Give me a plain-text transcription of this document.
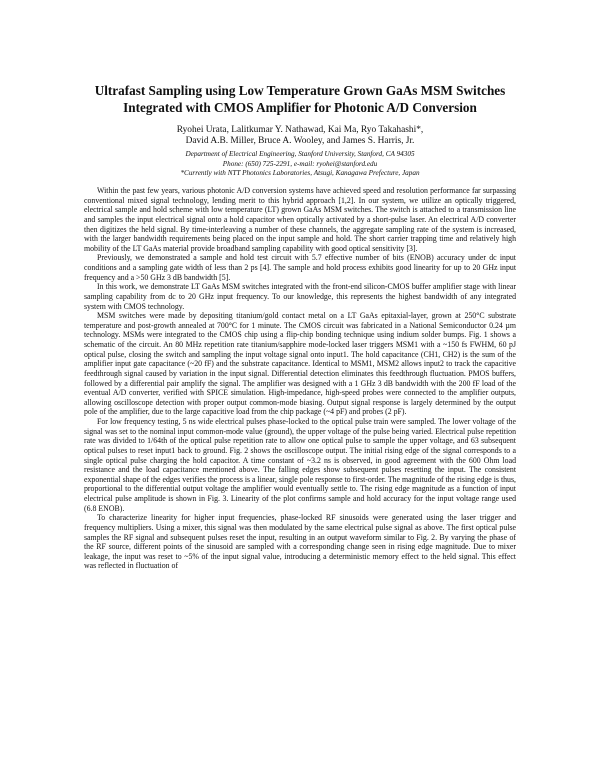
Ultrafast Sampling using Low Temperature Grown GaAs MSM Switches
Integrated with CMOS Amplifier for Photonic A/D Conversion
Ryohei Urata, Lalitkumar Y. Nathawad, Kai Ma, Ryo Takahashi*,
David A.B. Miller, Bruce A. Wooley, and James S. Harris, Jr.
Department of Electrical Engineering, Stanford University, Stanford, CA 94305
Phone: (650) 725-2291, e-mail: ryohei@stanford.edu
*Currently with NTT Photonics Laboratories, Atsugi, Kanagawa Prefecture, Japan

Within the past few years, various photonic A/D conversion systems have achieved speed and resolution performance far surpassing conventional mixed signal technology, lending merit to this hybrid approach [1,2]. In our system, we utilize an optically triggered, electrical sample and hold scheme with low temperature (LT) grown GaAs MSM switches. The switch is attached to a transmission line and samples the input electrical signal onto a hold capacitor when optically activated by a short-pulse laser. An electrical A/D converter then digitizes the held signal. By time-interleaving a number of these channels, the aggregate sampling rate of the system is increased, with the larger bandwidth requirements being placed on the input sample and hold. The short carrier trapping time and relatively high mobility of the LT GaAs material provide broadband sampling capability with good optical sensitivity [3].

Previously, we demonstrated a sample and hold test circuit with 5.7 effective number of bits (ENOB) accuracy under dc input conditions and a sampling gate width of less than 2 ps [4]. The sample and hold process exhibits good linearity for up to 20 GHz input frequency and a >50 GHz 3 dB bandwidth [5].

In this work, we demonstrate LT GaAs MSM switches integrated with the front-end silicon-CMOS buffer amplifier stage with linear sampling capability from dc to 20 GHz input frequency. To our knowledge, this represents the highest bandwidth of any integrated system with CMOS technology.

MSM switches were made by depositing titanium/gold contact metal on a LT GaAs epitaxial-layer, grown at 250°C substrate temperature and post-growth annealed at 700°C for 1 minute. The CMOS circuit was fabricated in a National Semiconductor 0.24 µm technology. MSMs were integrated to the CMOS chip using a flip-chip bonding technique using indium solder bumps. Fig. 1 shows a schematic of the circuit. An 80 MHz repetition rate titanium/sapphire mode-locked laser triggers MSM1 with a ~150 fs FWHM, 60 pJ optical pulse, closing the switch and sampling the input voltage signal onto input1. The hold capacitance (CH1, CH2) is the sum of the amplifier input gate capacitance (~20 fF) and the substrate capacitance. Identical to MSM1, MSM2 allows input2 to track the capacitive feedthrough signal caused by variation in the input signal. Differential detection eliminates this feedthrough fluctuation. PMOS buffers, followed by a differential pair amplify the signal. The amplifier was designed with a 1 GHz 3 dB bandwidth with the 200 fF load of the eventual A/D converter, verified with SPICE simulation. High-impedance, high-speed probes were connected to the amplifier outputs, allowing oscilloscope detection with proper output common-mode biasing. Output signal response is largely determined by the output pole of the amplifier, due to the large capacitive load from the chip package (~4 pF) and probes (2 pF).

For low frequency testing, 5 ns wide electrical pulses phase-locked to the optical pulse train were sampled. The lower voltage of the signal was set to the nominal input common-mode value (ground), the upper voltage of the pulse being varied. Electrical pulse repetition rate was divided to 1/64th of the optical pulse repetition rate to allow one optical pulse to sample the upper voltage, and 63 subsequent optical pulses to reset input1 back to ground. Fig. 2 shows the oscilloscope output. The initial rising edge of the signal corresponds to a single optical pulse charging the hold capacitor. A time constant of ~3.2 ns is observed, in good agreement with the 600 Ohm load resistance and the load capacitance mentioned above. The falling edges show subsequent pulses resetting the input. The consistent exponential shape of the edges verifies the process is a linear, single pole response to first-order. The magnitude of the rising edge is thus, proportional to the differential output voltage the amplifier would eventually settle to. The rising edge magnitude as a function of input electrical pulse amplitude is shown in Fig. 3. Linearity of the plot confirms sample and hold accuracy for the input voltage range used (6.8 ENOB).

To characterize linearity for higher input frequencies, phase-locked RF sinusoids were generated using the laser trigger and frequency multipliers. Using a mixer, this signal was then modulated by the same electrical pulse signal as above. The first optical pulse samples the RF signal and subsequent pulses reset the input, resulting in an output waveform similar to Fig. 2. By varying the phase of the RF source, different points of the sinusoid are sampled with a corresponding change seen in rising edge magnitude. Due to mixer leakage, the input was reset to ~5% of the input signal value, introducing a deterministic memory effect to the held signal. This effect was reflected in fluctuation of
